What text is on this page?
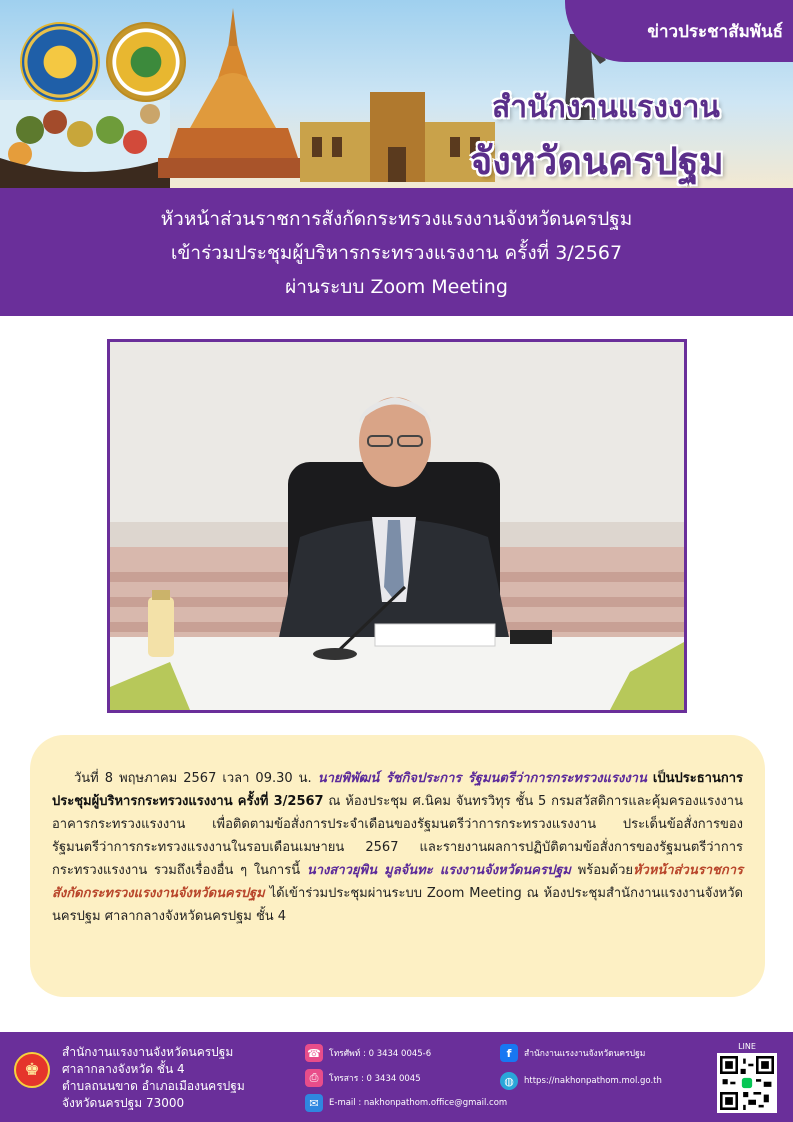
ข่าวประชาสัมพันธ์
สำนักงานแรงงาน
จังหวัดนครปฐม
หัวหน้าส่วนราชการสังกัดกระทรวงแรงงานจังหวัดนครปฐม
เข้าร่วมประชุมผู้บริหารกระทรวงแรงงาน ครั้งที่ 3/2567
ผ่านระบบ Zoom Meeting

วันที่ 8 พฤษภาคม 2567 เวลา 09.30 น. นายพิพัฒน์ รัชกิจประการ รัฐมนตรีว่าการกระทรวงแรงงาน เป็นประธานการประชุมผู้บริหารกระทรวงแรงงาน ครั้งที่ 3/2567 ณ ห้องประชุม ศ.นิคม จันทรวิทุร ชั้น 5 กรมสวัสดิการและคุ้มครองแรงงาน อาคารกระทรวงแรงงาน เพื่อติดตามข้อสั่งการประจำเดือนของรัฐมนตรีว่าการกระทรวงแรงงาน ประเด็นข้อสั่งการของรัฐมนตรีว่าการกระทรวงแรงงานในรอบเดือนเมษายน 2567 และรายงานผลการปฏิบัติตามข้อสั่งการของรัฐมนตรีว่าการกระทรวงแรงงาน รวมถึงเรื่องอื่น ๆ ในการนี้ นางสาวยุพิน มูลจันทะ แรงงานจังหวัดนครปฐม พร้อมด้วยหัวหน้าส่วนราชการสังกัดกระทรวงแรงงานจังหวัดนครปฐม ได้เข้าร่วมประชุมผ่านระบบ Zoom Meeting ณ ห้องประชุมสำนักงานแรงงานจังหวัดนครปฐม ศาลากลางจังหวัดนครปฐม ชั้น 4

♚
สำนักงานแรงงานจังหวัดนครปฐม
ศาลากลางจังหวัด ชั้น 4
ตำบลถนนขาด อำเภอเมืองนครปฐม
จังหวัดนครปฐม 73000
☎ โทรศัพท์ : 0 3434 0045-6
⎙	โทรสาร : 0 3434 0045
✉	E-mail : nakhonpathom.office@gmail.com
f	สำนักงานแรงงานจังหวัดนครปฐม
◍	https://nakhonpathom.mol.go.th
LINE
